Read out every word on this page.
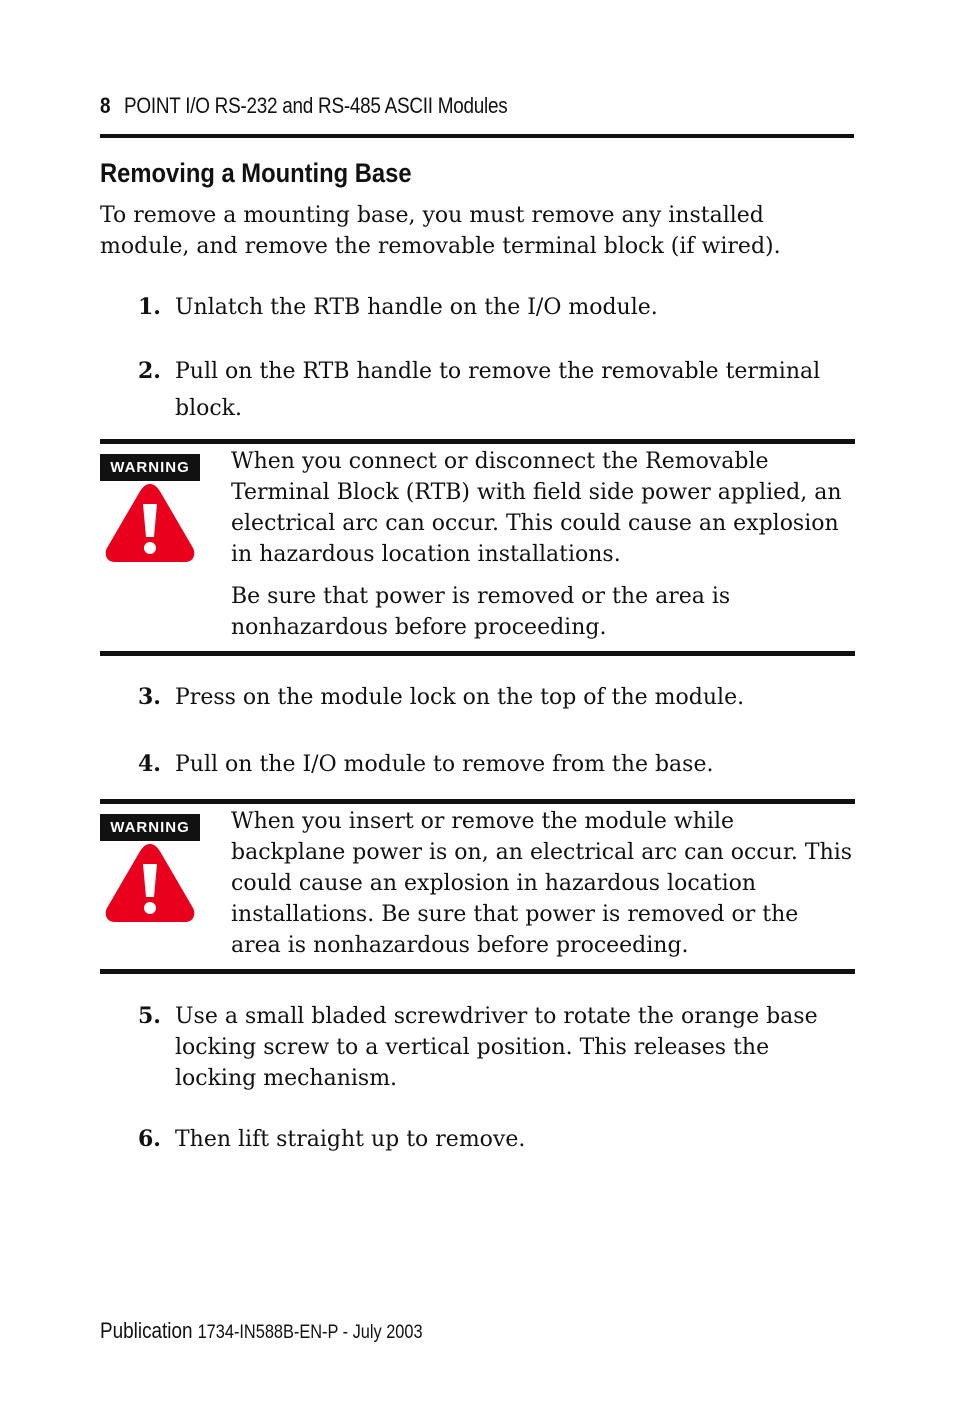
8 POINT I/O RS-232 and RS-485 ASCII Modules
Removing a Mounting Base
To remove a mounting base, you must remove any installed module, and remove the removable terminal block (if wired).
1. Unlatch the RTB handle on the I/O module.
2. Pull on the RTB handle to remove the removable terminal block.
WARNING	When you connect or disconnect the Removable Terminal Block (RTB) with field side power applied, an electrical arc can occur. This could cause an explosion in hazardous location installations.

Be sure that power is removed or the area is nonhazardous before proceeding.

3. Press on the module lock on the top of the module.
4. Pull on the I/O module to remove from the base.
WARNING	When you insert or remove the module while backplane power is on, an electrical arc can occur. This could cause an explosion in hazardous location installations. Be sure that power is removed or the area is nonhazardous before proceeding.

5. Use a small bladed screwdriver to rotate the orange base locking screw to a vertical position. This releases the locking mechanism.
6. Then lift straight up to remove.
Publication 1734-IN588B-EN-P - July 2003
